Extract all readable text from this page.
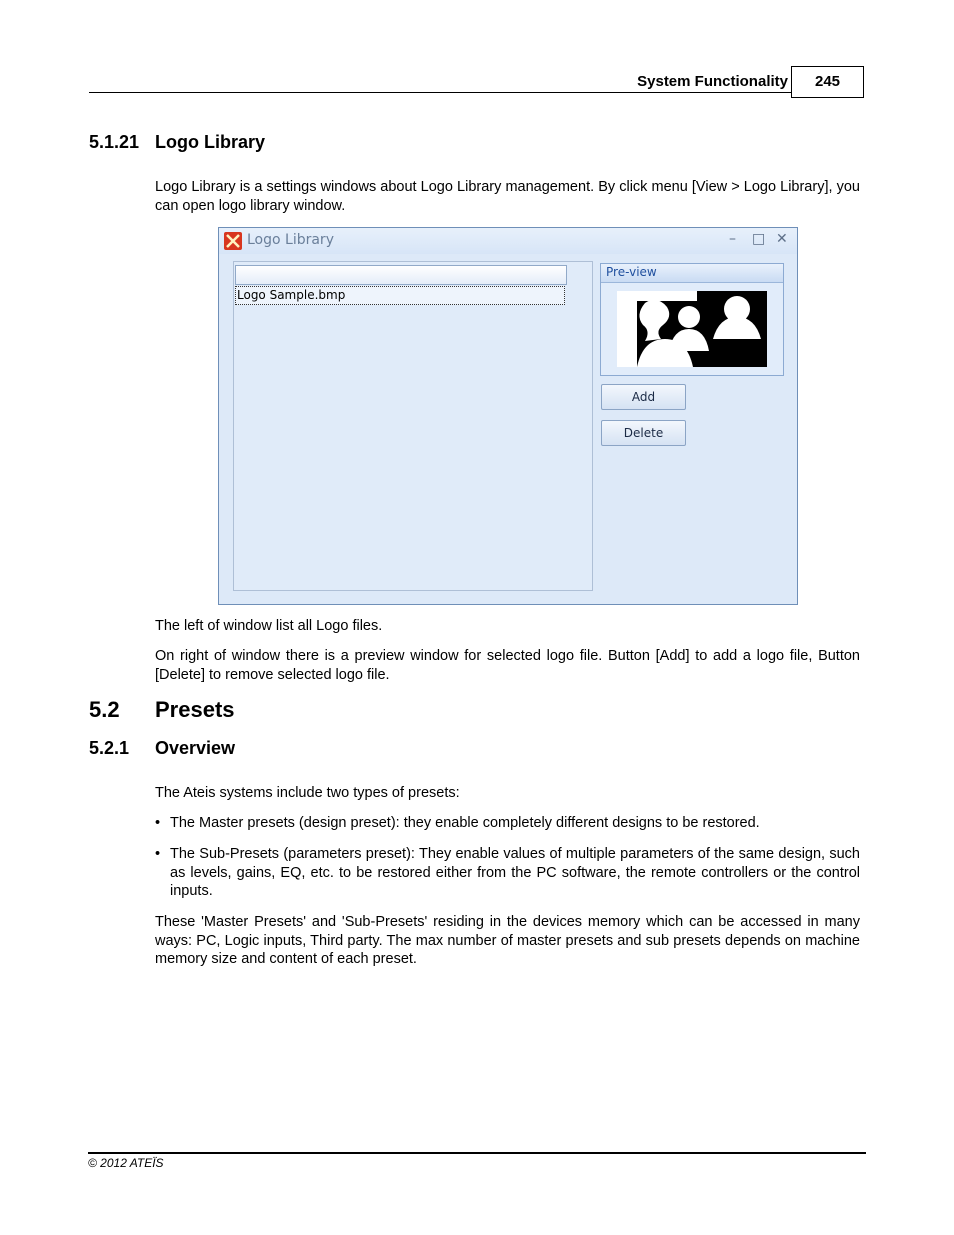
System Functionality	245
5.1.21 Logo Library
Logo Library is a settings windows about Logo Library management. By click menu [View > Logo Library], you can open logo library window.
Logo Library	– □ ✕
Logo Sample.bmp
Pre-view
Add
Delete
The left of window list all Logo files.
On right of window there is a preview window for selected logo file. Button [Add] to add a logo file, Button [Delete] to remove selected logo file.
5.2 Presets
5.2.1 Overview
The Ateis systems include two types of presets:
• The Master presets (design preset): they enable completely different designs to be restored.
• The Sub-Presets (parameters preset): They enable values of multiple parameters of the same design, such as levels, gains, EQ, etc. to be restored either from the PC software, the remote controllers or the control inputs.
These 'Master Presets' and 'Sub-Presets' residing in the devices memory which can be accessed in many ways: PC, Logic inputs, Third party. The max number of master presets and sub presets depends on machine memory size and content of each preset.
© 2012 ATEÏS
